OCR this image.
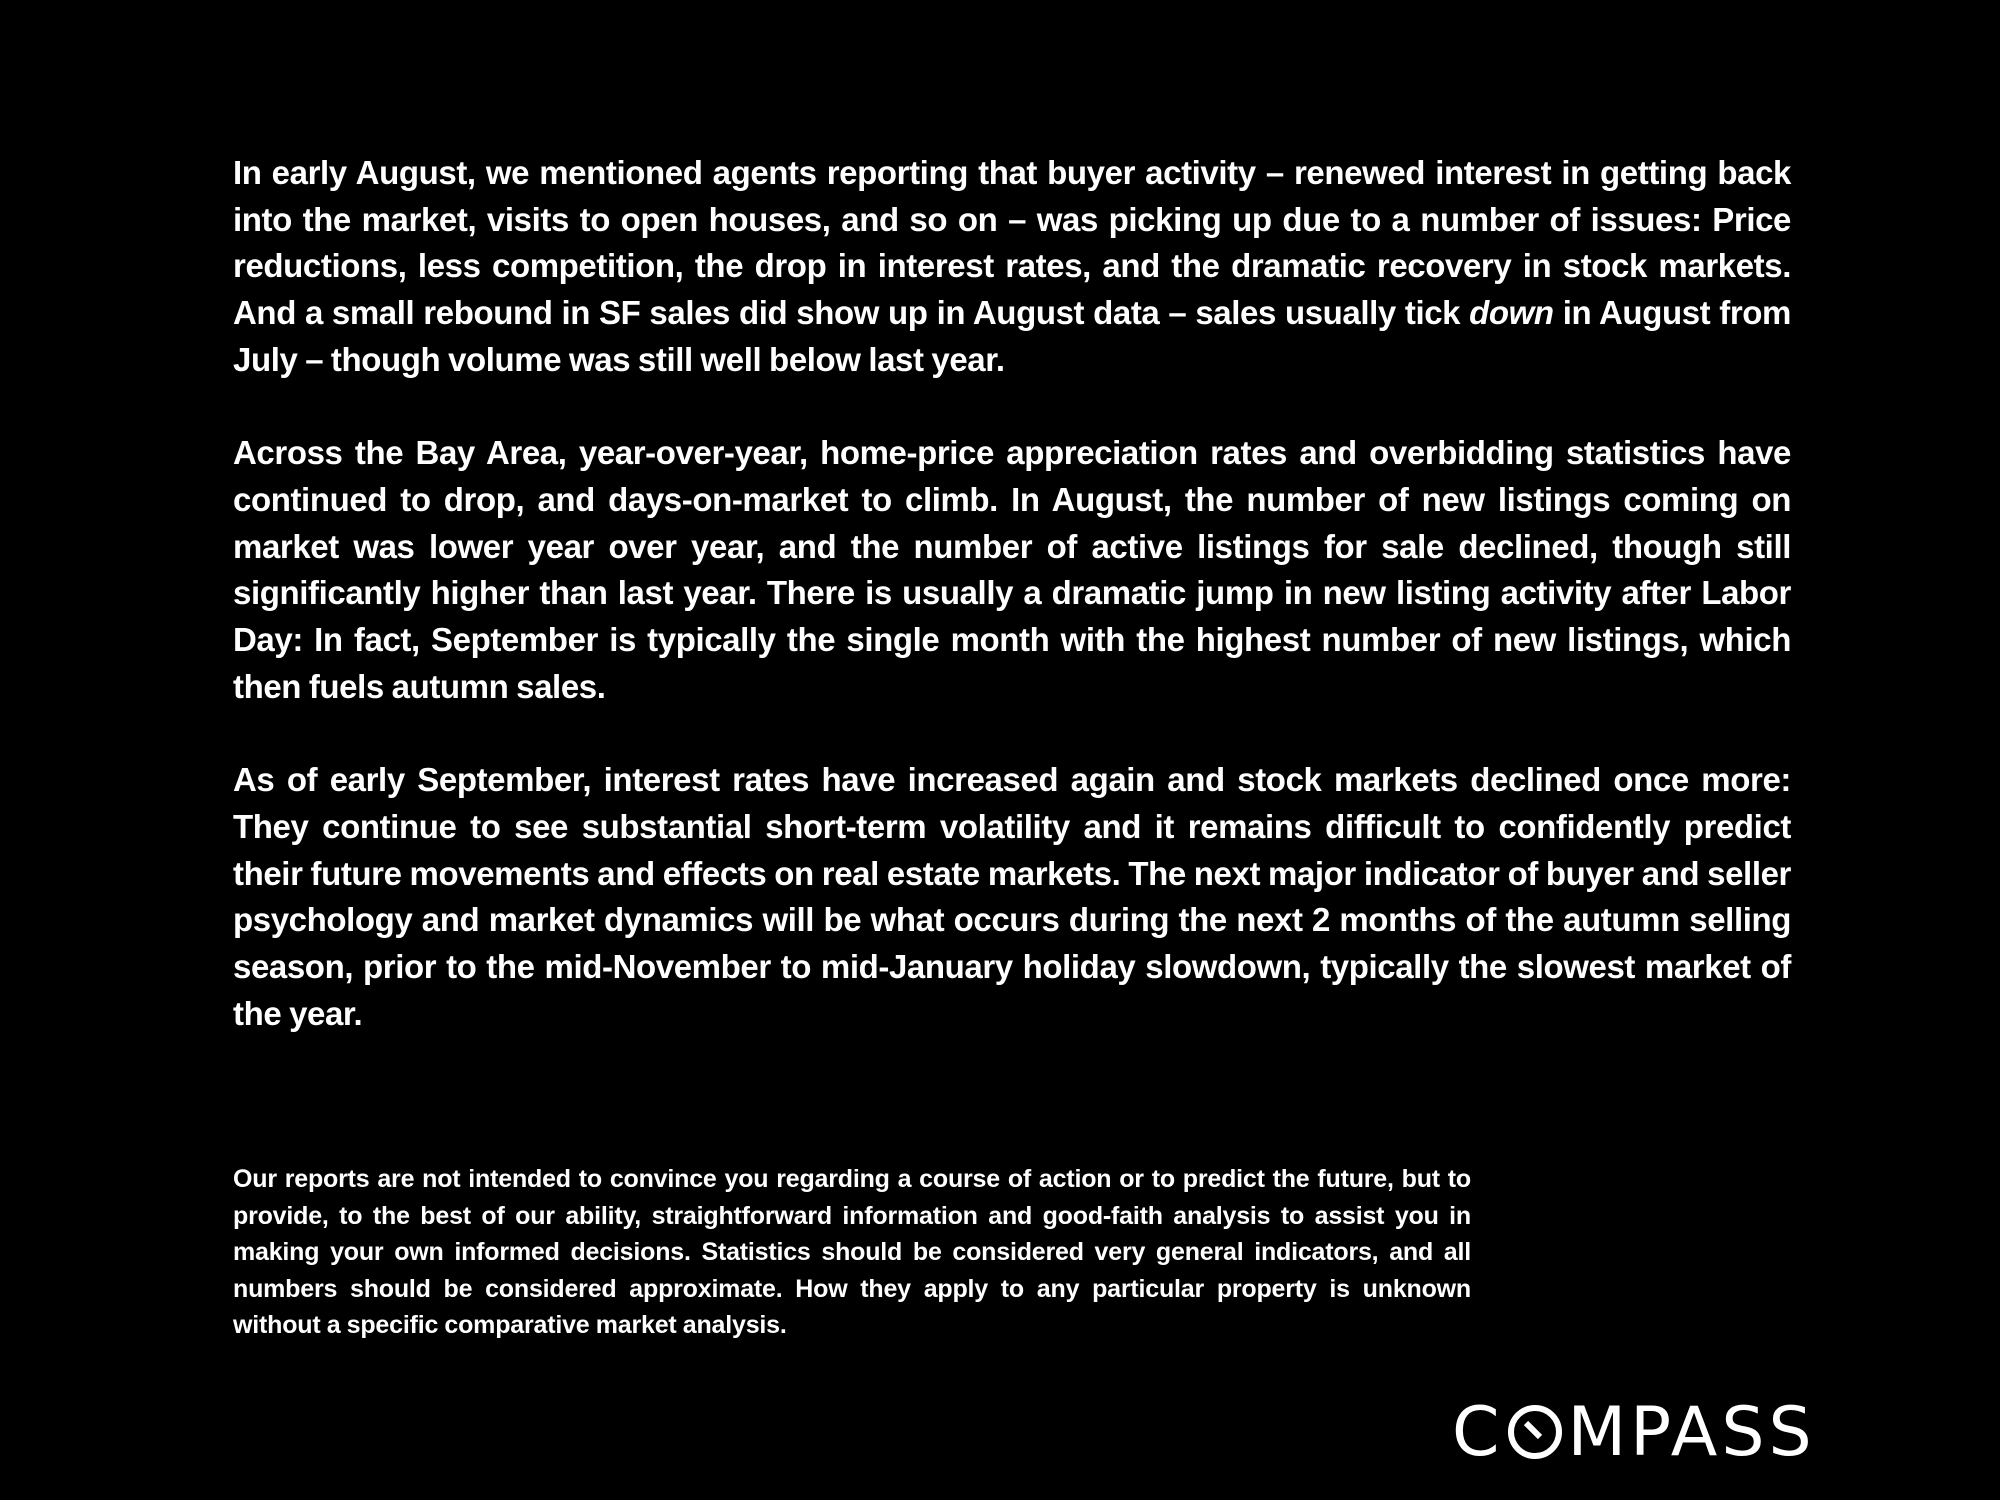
In early August, we mentioned agents reporting that buyer activity – renewed interest in getting back into the market, visits to open houses, and so on – was picking up due to a number of issues: Price reductions, less competition, the drop in interest rates, and the dramatic recovery in stock markets. And a small rebound in SF sales did show up in August data – sales usually tick down in August from July – though volume was still well below last year.

Across the Bay Area, year-over-year, home-price appreciation rates and overbidding statistics have continued to drop, and days-on-market to climb. In August, the number of new listings coming on market was lower year over year, and the number of active listings for sale declined, though still significantly higher than last year. There is usually a dramatic jump in new listing activity after Labor Day: In fact, September is typically the single month with the highest number of new listings, which then fuels autumn sales.

As of early September, interest rates have increased again and stock markets declined once more: They continue to see substantial short-term volatility and it remains difficult to confidently predict their future movements and effects on real estate markets. The next major indicator of buyer and seller psychology and market dynamics will be what occurs during the next 2 months of the autumn selling season, prior to the mid-November to mid-January holiday slowdown, typically the slowest market of the year.

Our reports are not intended to convince you regarding a course of action or to predict the future, but to provide, to the best of our ability, straightforward information and good-faith analysis to assist you in making your own informed decisions. Statistics should be considered very general indicators, and all numbers should be considered approximate. How they apply to any particular property is unknown without a specific comparative market analysis.

C MPASS
